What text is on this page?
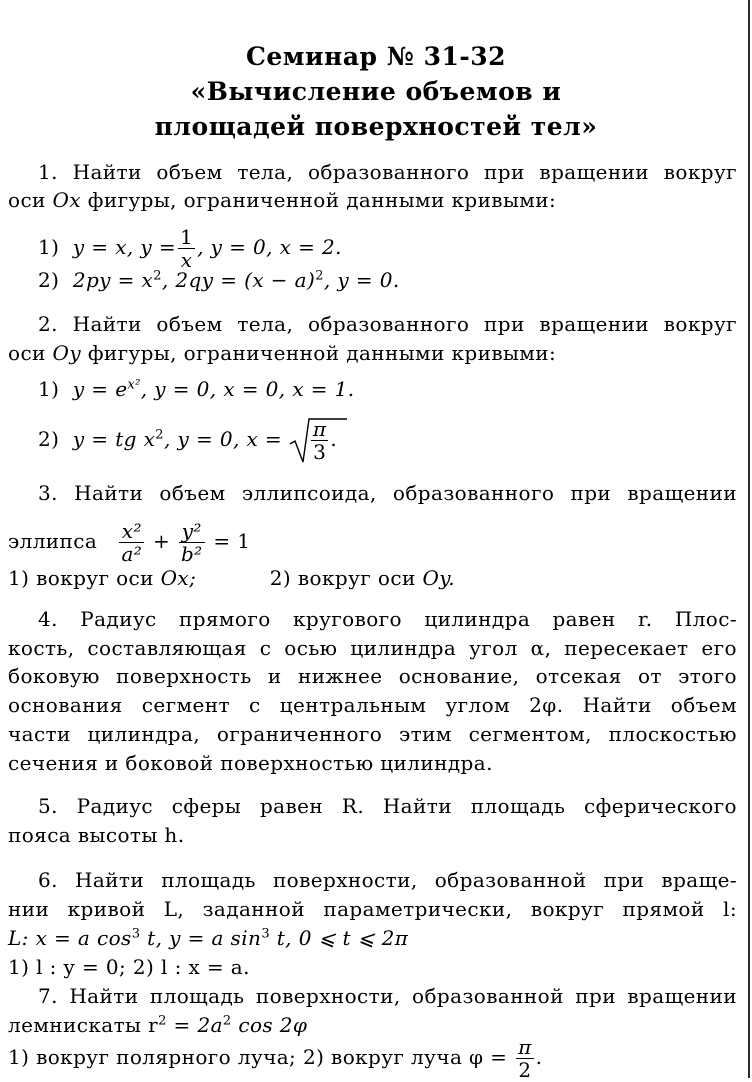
Семинар № 31-32
«Вычисление объемов и
площадей поверхностей тел»
1. Найти объем тела, образованного при вращении вокруг
оси Ox фигуры, ограниченной данными кривыми:
1) y = x, $y = \frac{1}{x}$ , y = 0, x = 2.
2) $2py = x^2$, $2qy = (x - a)^2$, y = 0.
2. Найти объем тела, образованного при вращении вокруг
оси Oy фигуры, ограниченной данными кривыми:
1) $y = e^{x^2}$, y = 0, x = 0, x = 1.
2) y = tg $x^2$, y = 0, $x = \frac{\pi}{3}$ .
3. Найти объем эллипсоида, образованного при вращении
эллипса $\frac{\text{x²}}{\text{a²}} + \frac{\text{y²}}{\text{b²}} = 1$
1) вокруг оси Ox;	2) вокруг оси Oy.
4. Радиус прямого кругового цилиндра равен r. Плос-
кость, составляющая с осью цилиндра угол α, пересекает его
боковую поверхность и нижнее основание, отсекая от этого
основания сегмент с центральным углом 2φ. Найти объем
части цилиндра, ограниченного этим сегментом, плоскостью
сечения и боковой поверхностью цилиндра.
5. Радиус сферы равен R. Найти площадь сферического
пояса высоты h.
6. Найти площадь поверхности, образованной при враще-
нии кривой L, заданной параметрически, вокруг прямой l:
L: x = a $\cos^3 t$, y = a $\sin^3 t$, 0 ⩽ t ⩽ 2π
1) l : y = 0; 2) l : x = a.
7. Найти площадь поверхности, образованной при вращении
лемнискаты $r^2 = 2a^2$ cos 2φ
1) вокруг полярного луча; 2) вокруг луча $\varphi = \frac{\pi}{2}$ .
